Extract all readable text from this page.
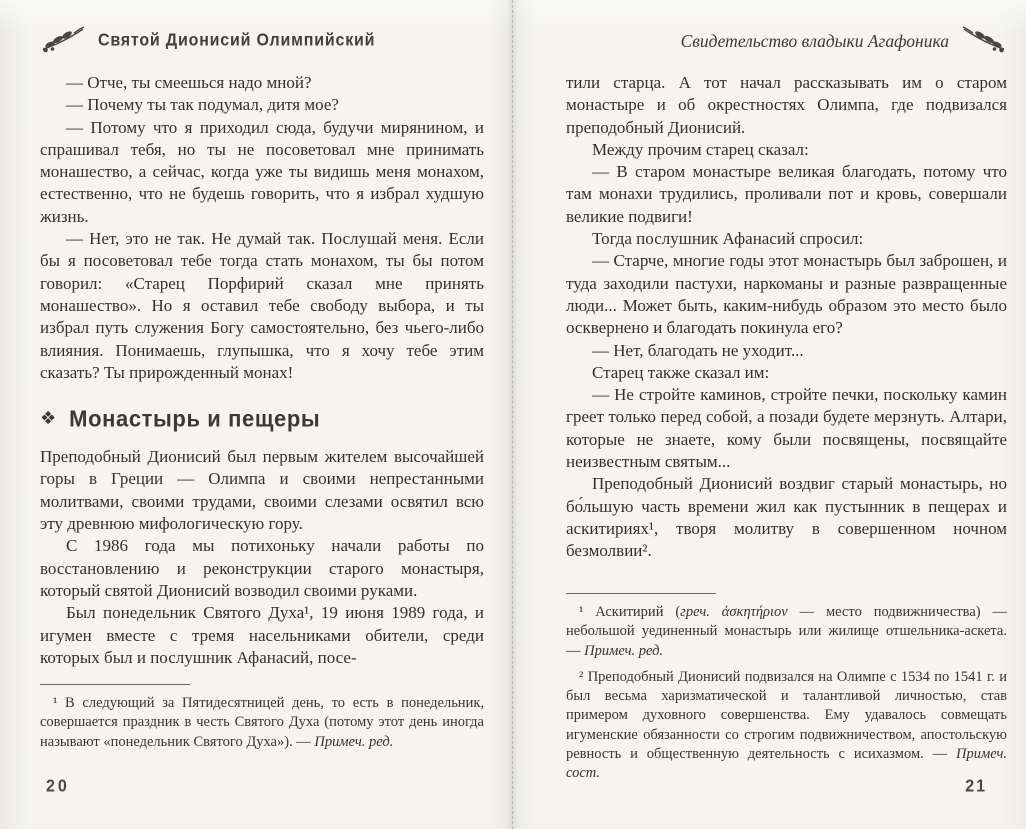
Святой Дионисий Олимпийский

— Отче, ты смеешься надо мной?

— Почему ты так подумал, дитя мое?

— Потому что я приходил сюда, будучи мирянином, и спрашивал тебя, но ты не посоветовал мне принимать монашество, а сейчас, когда уже ты видишь меня монахом, естественно, что не будешь говорить, что я избрал худшую жизнь.

— Нет, это не так. Не думай так. Послушай меня. Если бы я посоветовал тебе тогда стать монахом, ты бы потом говорил: «Старец Порфирий сказал мне принять монашество». Но я оставил тебе свободу выбора, и ты избрал путь служения Богу самостоятельно, без чьего-либо влияния. Понимаешь, глупышка, что я хочу тебе этим сказать? Ты прирожденный монах!

❖ Монастырь и пещеры

Преподобный Дионисий был первым жителем высочайшей горы в Греции — Олимпа и своими непрестанными молитвами, своими трудами, своими слезами освятил всю эту древнюю мифологическую гору.

С 1986 года мы потихоньку начали работы по восстановлению и реконструкции старого монастыря, который святой Дионисий возводил своими руками.

Был понедельник Святого Духа¹, 19 июня 1989 года, и игумен вместе с тремя насельниками обители, среди которых был и послушник Афанасий, посе-

¹ В следующий за Пятидесятницей день, то есть в понедельник, совершается праздник в честь Святого Духа (потому этот день иногда называют «понедельник Святого Духа»). — Примеч. ред.

20
Свидетельство владыки Агафоника

тили старца. А тот начал рассказывать им о старом монастыре и об окрестностях Олимпа, где подвизался преподобный Дионисий.

Между прочим старец сказал:

— В старом монастыре великая благодать, потому что там монахи трудились, проливали пот и кровь, совершали великие подвиги!

Тогда послушник Афанасий спросил:

— Старче, многие годы этот монастырь был заброшен, и туда заходили пастухи, наркоманы и разные развращенные люди... Может быть, каким-нибудь образом это место было осквернено и благодать покинула его?

— Нет, благодать не уходит...

Старец также сказал им:

— Не стройте каминов, стройте печки, поскольку камин греет только перед собой, а позади будете мерзнуть. Алтари, которые не знаете, кому были посвящены, посвящайте неизвестным святым...

Преподобный Дионисий воздвиг старый монастырь, но бо́льшую часть времени жил как пустынник в пещерах и аскитириях¹, творя молитву в совершенном ночном безмолвии².

¹ Аскитирий (греч. ἀσκητήριον — место подвижничества) — небольшой уединенный монастырь или жилище отшельника-аскета. — Примеч. ред.

² Преподобный Дионисий подвизался на Олимпе с 1534 по 1541 г. и был весьма харизматической и талантливой личностью, став примером духовного совершенства. Ему удавалось совмещать игуменские обязанности со строгим подвижничеством, апостольскую ревность и общественную деятельность с исихазмом. — Примеч. сост.

21
